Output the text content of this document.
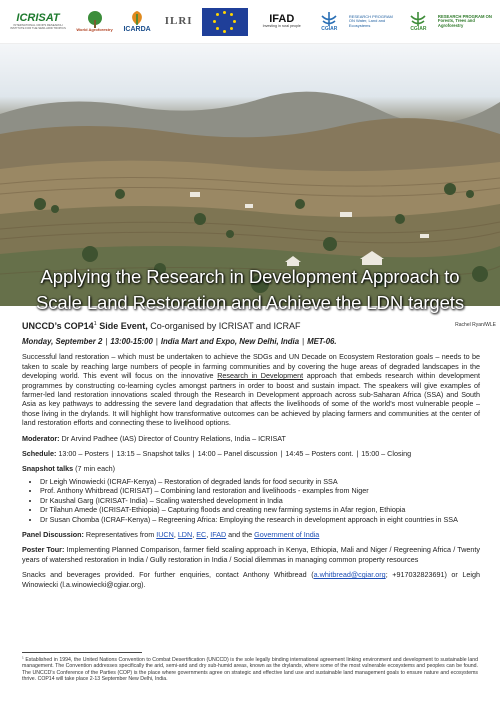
ICRISAT
INTERNATIONAL CROPS RESEARCH INSTITUTE FOR THE SEMI-ARID TROPICS	World Agroforestry ICARDA
ILRI	IFAD
Investing in rural people	CGIAR
RESEARCH PROGRAM ON Water, Land and Ecosystems
CGIAR
RESEARCH PROGRAM ON Forests, Trees and Agroforestry
Applying the Research in Development Approach to
Scale Land Restoration and Achieve the LDN targets
Rachel Ryan/WLE
UNCCD’s $COP14^1$ Side Event, Co-organised by ICRISAT and ICRAF
Monday, September 2 | 13:00-15:00 | India Mart and Expo, New Delhi, India | MET-06.

Successful land restoration – which must be undertaken to achieve the SDGs and UN Decade on Ecosystem Restoration goals – needs to be taken to scale by reaching large numbers of people in farming communities and by covering the huge areas of degraded landscapes in the developing world. This event will focus on the innovative Research in Development approach that embeds research within development programmes by constructing co-learning cycles amongst partners in order to boost and sustain impact. The speakers will give examples of farmer-led land restoration innovations scaled through the Research in Development approach across sub-Saharan Africa (SSA) and South Asia as key pathways to addressing the severe land degradation that affects the livelihoods of some of the world’s most vulnerable people – those living in the drylands. It will highlight how transformative outcomes can be achieved by placing farmers and communities at the center of land restoration efforts and connecting these to livelihood options.

Moderator: Dr Arvind Padhee (IAS) Director of Country Relations, India – ICRISAT

Schedule: 13:00 – Posters | 13:15 – Snapshot talks | 14:00 – Panel discussion | 14:45 – Posters cont. | 15:00 – Closing

Snapshot talks (7 min each)
• Dr Leigh Winowiecki (ICRAF-Kenya) – Restoration of degraded lands for food security in SSA
• Prof. Anthony Whitbread (ICRISAT) – Combining land restoration and livelihoods - examples from Niger
• Dr Kaushal Garg (ICRISAT- India) – Scaling watershed development in India
• Dr Tilahun Amede (ICRISAT-Ethiopia) – Capturing floods and creating new farming systems in Afar region, Ethiopia
• Dr Susan Chomba (ICRAF-Kenya) – Regreening Africa: Employing the research in development approach in eight countries in SSA

Panel Discussion: Representatives from IUCN, LDN, EC, IFAD and the Government of India

Poster Tour: Implementing Planned Comparison, farmer field scaling approach in Kenya, Ethiopia, Mali and Niger / Regreening Africa / Twenty years of watershed restoration in India / Gully restoration in India / Social dilemmas in managing common property resources

Snacks and beverages provided. For further enquiries, contact Anthony Whitbread (a.whitbread@cgiar.org; +917032823691) or Leigh Winowiecki (l.a.winowiecki@cgiar.org).

$^1$ Established in 1994, the United Nations Convention to Combat Desertification (UNCCD) is the sole legally binding international agreement linking environment and development to sustainable land management. The Convention addresses specifically the arid, semi-arid and dry sub-humid areas, known as the drylands, where some of the most vulnerable ecosystems and peoples can be found. The UNCCD’s Conference of the Parties (COP) is the place where governments agree on strategic and effective land use and sustainable land management goals to ensure nature and ecosystems thrive. COP14 will take place 2-13 September New Delhi, India.
